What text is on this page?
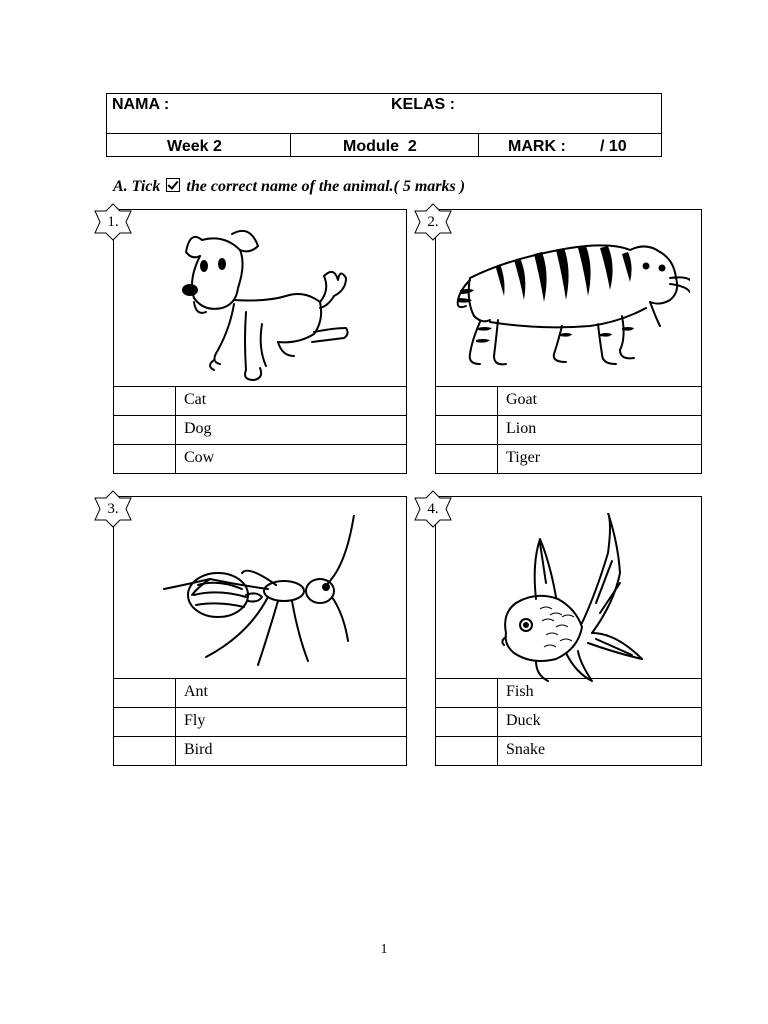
NAMA :	KELAS :
Week 2	Module  2	MARK : / 10
A. Tick the correct name of the animal.( 5 marks )
Cat
Dog
Cow
1.
Goat
Lion
Tiger
2.
Ant
Fly
Bird
3.
Fish
Duck
Snake
4.
1
